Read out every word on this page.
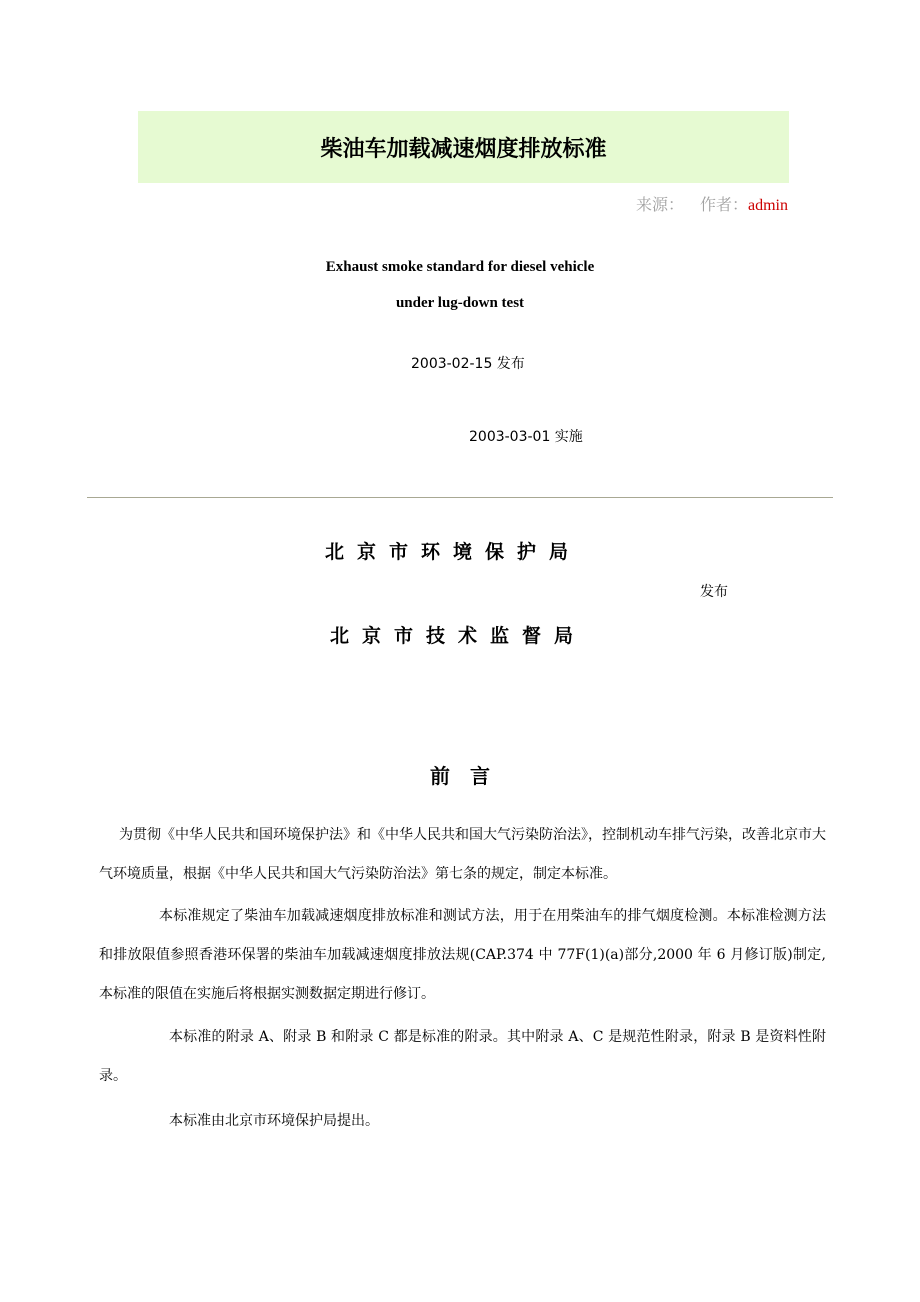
柴油车加载减速烟度排放标准
来源： 作者：admin
Exhaust smoke standard for diesel vehicle
under lug-down test
2003-02-15 发布
2003-03-01 实施
北京市环境保护局
发布
北京市技术监督局
前言
为贯彻《中华人民共和国环境保护法》和《中华人民共和国大气污染防治法》，控制机动车排气污染，改善北京市大气环境质量，根据《中华人民共和国大气污染防治法》第七条的规定，制定本标准。
本标准规定了柴油车加载减速烟度排放标准和测试方法，用于在用柴油车的排气烟度检测。本标准检测方法和排放限值参照香港环保署的柴油车加载减速烟度排放法规(CAP.374 中 77F(1)(a)部分,2000 年 6 月修订版)制定,本标准的限值在实施后将根据实测数据定期进行修订。
本标准的附录 A、附录 B 和附录 C 都是标准的附录。其中附录 A、C 是规范性附录，附录 B 是资料性附录。
本标准由北京市环境保护局提出。
